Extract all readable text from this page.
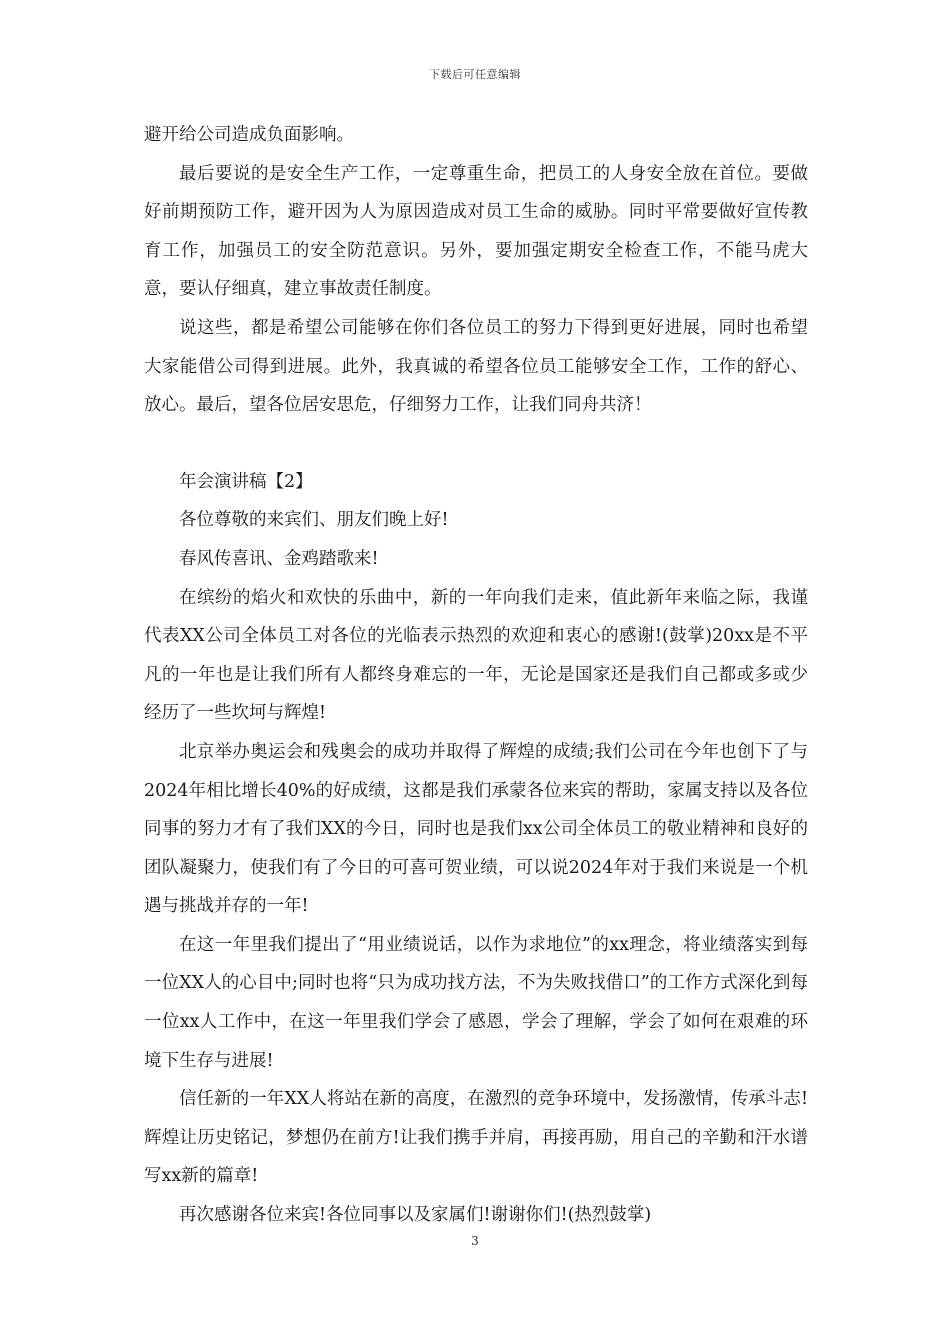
下载后可任意编辑

避开给公司造成负面影响。

最后要说的是安全生产工作，一定尊重生命，把员工的人身安全放在首位。要做好前期预防工作，避开因为人为原因造成对员工生命的威胁。同时平常要做好宣传教育工作，加强员工的安全防范意识。另外，要加强定期安全检查工作，不能马虎大意，要认仔细真，建立事故责任制度。

说这些，都是希望公司能够在你们各位员工的努力下得到更好进展，同时也希望大家能借公司得到进展。此外，我真诚的希望各位员工能够安全工作，工作的舒心、放心。最后，望各位居安思危，仔细努力工作，让我们同舟共济！

年会演讲稿【2】

各位尊敬的来宾们、朋友们晚上好!

春风传喜讯、金鸡踏歌来!

在缤纷的焰火和欢快的乐曲中，新的一年向我们走来，值此新年来临之际，我谨代表XX公司全体员工对各位的光临表示热烈的欢迎和衷心的感谢!(鼓掌)20xx是不平凡的一年也是让我们所有人都终身难忘的一年，无论是国家还是我们自己都或多或少经历了一些坎坷与辉煌!

北京举办奥运会和残奥会的成功并取得了辉煌的成绩;我们公司在今年也创下了与2024年相比增长40%的好成绩，这都是我们承蒙各位来宾的帮助，家属支持以及各位同事的努力才有了我们XX的今日，同时也是我们xx公司全体员工的敬业精神和良好的团队凝聚力，使我们有了今日的可喜可贺业绩，可以说2024年对于我们来说是一个机遇与挑战并存的一年!

在这一年里我们提出了“用业绩说话，以作为求地位”的xx理念，将业绩落实到每一位XX人的心目中;同时也将“只为成功找方法，不为失败找借口”的工作方式深化到每一位xx人工作中，在这一年里我们学会了感恩，学会了理解，学会了如何在艰难的环境下生存与进展!

信任新的一年XX人将站在新的高度，在激烈的竞争环境中，发扬激情，传承斗志!辉煌让历史铭记，梦想仍在前方!让我们携手并肩，再接再励，用自己的辛勤和汗水谱写xx新的篇章!

再次感谢各位来宾!各位同事以及家属们!谢谢你们!(热烈鼓掌)

3
